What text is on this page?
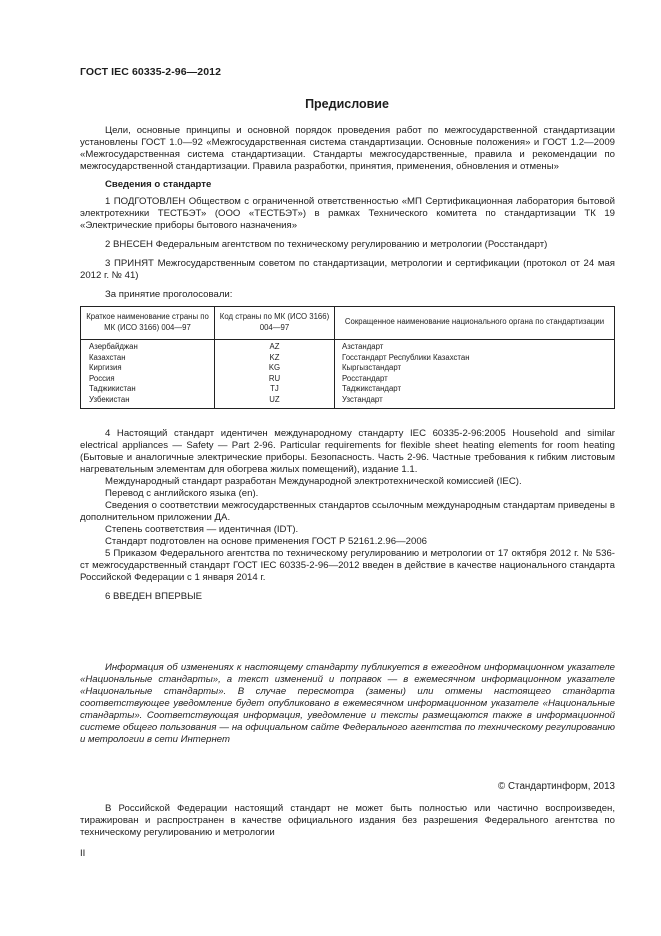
ГОСТ IEC 60335-2-96—2012
Предисловие

Цели, основные принципы и основной порядок проведения работ по межгосударственной стандартизации установлены ГОСТ 1.0—92 «Межгосударственная система стандартизации. Основные положения» и ГОСТ 1.2—2009 «Межгосударственная система стандартизации. Стандарты межгосударственные, правила и рекомендации по межгосударственной стандартизации. Правила разработки, принятия, применения, обновления и отмены»

Сведения о стандарте

1 ПОДГОТОВЛЕН Обществом с ограниченной ответственностью «МП Сертификационная лаборатория бытовой электротехники ТЕСТБЭТ» (ООО «ТЕСТБЭТ») в рамках Технического комитета по стандартизации ТК 19 «Электрические приборы бытового назначения»

2 ВНЕСЕН Федеральным агентством по техническому регулированию и метрологии (Росстандарт)

3 ПРИНЯТ Межгосударственным советом по стандартизации, метрологии и сертификации (протокол от 24 мая 2012 г. № 41)

За принятие проголосовали:

Краткое наименование страны по МК (ИСО 3166) 004—97	Код страны по МК (ИСО 3166) 004—97	Сокращенное наименование национального органа по стандартизации
Азербайджан	AZ	Азстандарт
Казахстан	KZ	Госстандарт Республики Казахстан
Киргизия	KG	Кыргызстандарт
Россия	RU	Росстандарт
Таджикистан	TJ	Таджикстандарт
Узбекистан	UZ	Узстандарт

4 Настоящий стандарт идентичен международному стандарту IEC 60335-2-96:2005 Household and similar electrical appliances — Safety — Part 2-96. Particular requirements for flexible sheet heating elements for room heating (Бытовые и аналогичные электрические приборы. Безопасность. Часть 2-96. Частные требования к гибким листовым нагревательным элементам для обогрева жилых помещений), издание 1.1.

Международный стандарт разработан Международной электротехнической комиссией (IEC).

Перевод с английского языка (en).

Сведения о соответствии межгосударственных стандартов ссылочным международным стандартам приведены в дополнительном приложении ДА.

Степень соответствия — идентичная (IDT).

Стандарт подготовлен на основе применения ГОСТ Р 52161.2.96—2006

5 Приказом Федерального агентства по техническому регулированию и метрологии от 17 октября 2012 г. № 536-ст межгосударственный стандарт ГОСТ IEC 60335-2-96—2012 введен в действие в качестве национального стандарта Российской Федерации с 1 января 2014 г.

6 ВВЕДЕН ВПЕРВЫЕ

Информация об изменениях к настоящему стандарту публикуется в ежегодном информационном указателе «Национальные стандарты», а текст изменений и поправок — в ежемесячном информационном указателе «Национальные стандарты». В случае пересмотра (замены) или отмены настоящего стандарта соответствующее уведомление будет опубликовано в ежемесячном информационном указателе «Национальные стандарты». Соответствующая информация, уведомление и тексты размещаются также в информационной системе общего пользования — на официальном сайте Федерального агентства по техническому регулированию и метрологии в сети Интернет

© Стандартинформ, 2013

В Российской Федерации настоящий стандарт не может быть полностью или частично воспроизведен, тиражирован и распространен в качестве официального издания без разрешения Федерального агентства по техническому регулированию и метрологии

II
